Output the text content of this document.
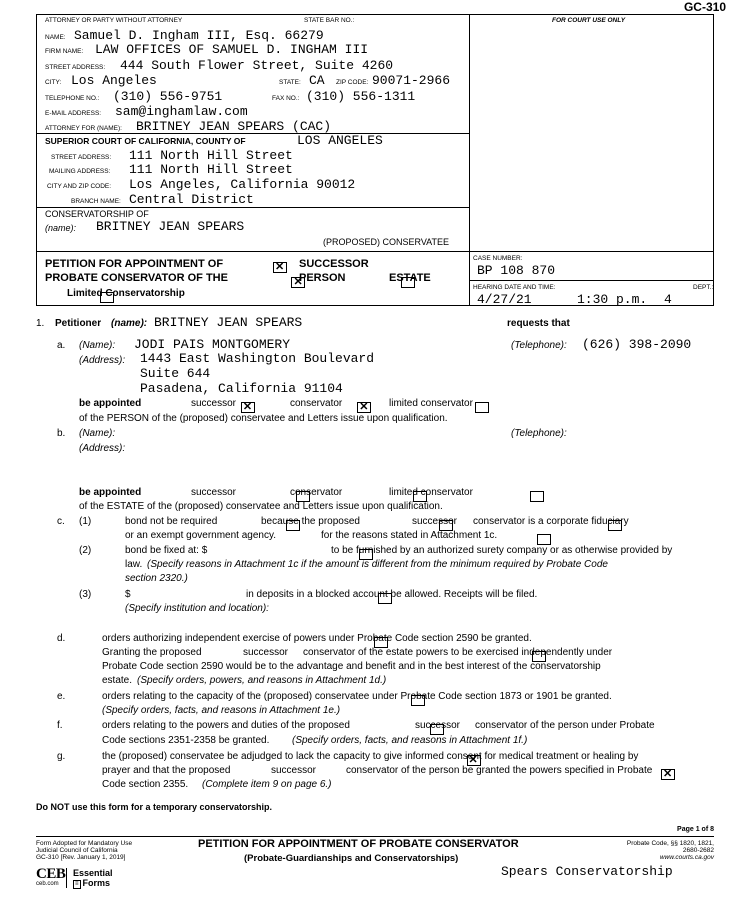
GC-310
ATTORNEY OR PARTY WITHOUT ATTORNEY	STATE BAR NO.:	FOR COURT USE ONLY
NAME: Samuel D. Ingham III, Esq. 66279
FIRM NAME: LAW OFFICES OF SAMUEL D. INGHAM III
STREET ADDRESS: 444 South Flower Street, Suite 4260
CITY: Los Angeles	STATE: CA ZIP CODE: 90071-2966
TELEPHONE NO.: (310) 556-9751	FAX NO.: (310) 556-1311
E-MAIL ADDRESS: sam@inghamlaw.com
ATTORNEY FOR (NAME): BRITNEY JEAN SPEARS (CAC)
SUPERIOR COURT OF CALIFORNIA, COUNTY OF	LOS ANGELES
STREET ADDRESS: 111 North Hill Street
MAILING ADDRESS: 111 North Hill Street
CITY AND ZIP CODE: Los Angeles, California 90012
BRANCH NAME: Central District
CONSERVATORSHIP OF
(name): BRITNEY JEAN SPEARS
(PROPOSED) CONSERVATEE
PETITION FOR APPOINTMENT OF
PROBATE CONSERVATOR OF THE
✕
SUCCESSOR
✕
PERSON
	ESTATE

Limited Conservatorship
CASE NUMBER:
BP 108 870
HEARING DATE AND TIME:	DEPT.:
4/27/21	1:30 p.m. 4
1. Petitioner (name): BRITNEY JEAN SPEARS	requests that
a. (Name): JODI PAIS MONTGOMERY	(Telephone): (626) 398-2090
(Address): 1443 East Washington Boulevard
Suite 644
Pasadena, California 91104
be appointed ✕	successor ✕	conservator
	limited conservator
of the PERSON of the (proposed) conservatee and Letters issue upon qualification.
b. (Name):	(Telephone):
(Address):
be appointed
	successor
	conservator
	limited conservator
of the ESTATE of the (proposed) conservatee and Letters issue upon qualification.
c. (1)
	bond not be required
	because the proposed
	successor conservator is a corporate fiduciary
or an exempt government agency.
	for the reasons stated in Attachment 1c.
(2)
	bond be fixed at: $	to be furnished by an authorized surety company or as otherwise provided by
law. (Specify reasons in Attachment 1c if the amount is different from the minimum required by Probate Code
section 2320.)
(3)
	$	in deposits in a blocked account be allowed. Receipts will be filed.
(Specify institution and location):
d.
	orders authorizing independent exercise of powers under Probate Code section 2590 be granted.
Granting the proposed
	successor conservator of the estate powers to be exercised independently under
Probate Code section 2590 would be to the advantage and benefit and in the best interest of the conservatorship
estate. (Specify orders, powers, and reasons in Attachment 1d.)
e.
	orders relating to the capacity of the (proposed) conservatee under Probate Code section 1873 or 1901 be granted.
(Specify orders, facts, and reasons in Attachment 1e.)
f.
	orders relating to the powers and duties of the proposed
	successor conservator of the person under Probate
Code sections 2351-2358 be granted. (Specify orders, facts, and reasons in Attachment 1f.)
g. ✕	the (proposed) conservatee be adjudged to lack the capacity to give informed consent for medical treatment or healing by
prayer and that the proposed ✕	successor	conservator of the person be granted the powers specified in Probate
Code section 2355. (Complete item 9 on page 6.)
Do NOT use this form for a temporary conservatorship.
Page 1 of 8
Form Adopted for Mandatory Use
Judicial Council of California
GC-310 [Rev. January 1, 2019]
PETITION FOR APPOINTMENT OF PROBATE CONSERVATOR
(Probate-Guardianships and Conservatorships)
Probate Code, §§ 1820, 1821,
2680-2682
www.courts.ca.gov
Spears Conservatorship
CEB
ceb.com
Essential
≡ Forms
